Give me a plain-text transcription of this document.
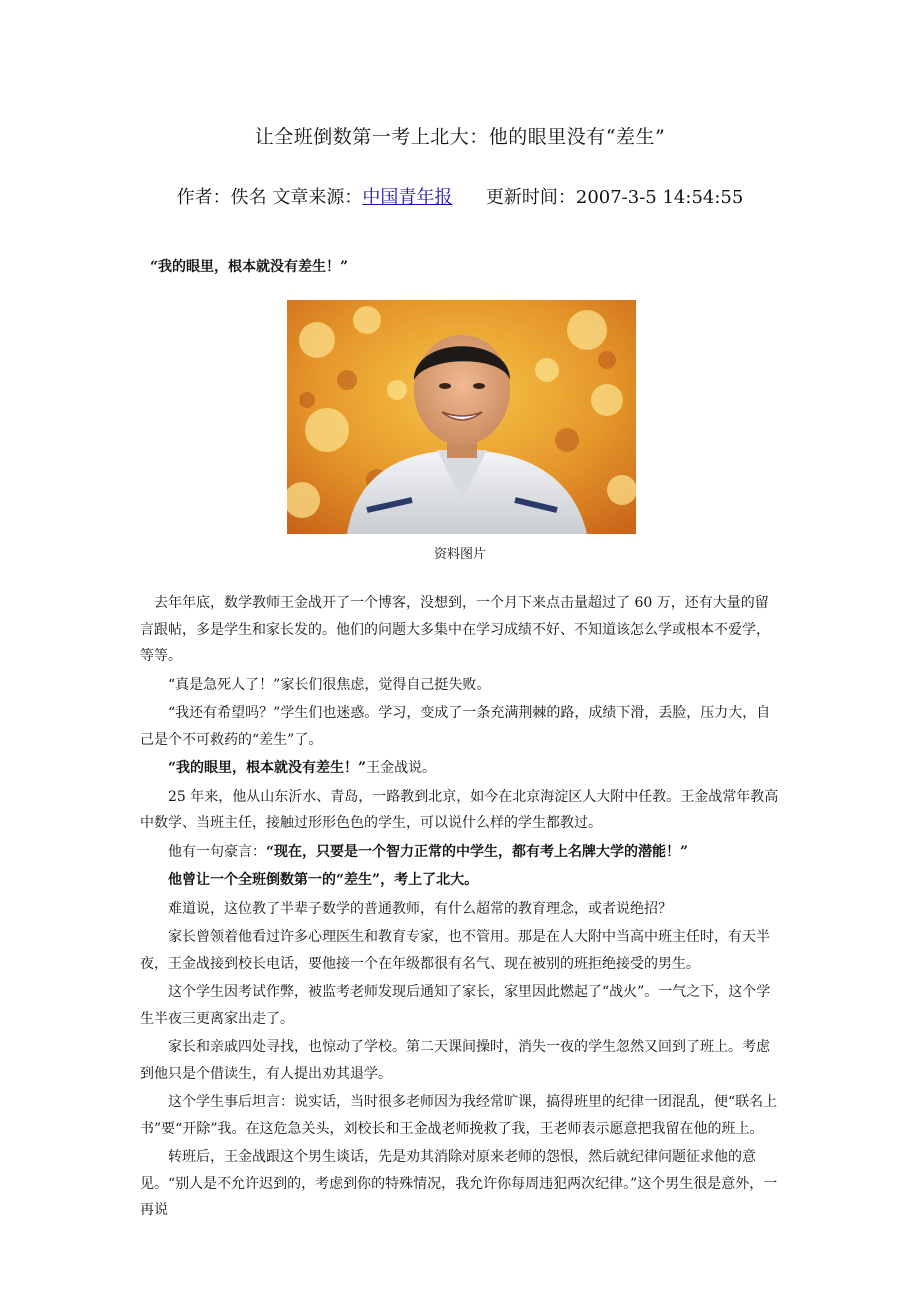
让全班倒数第一考上北大：他的眼里没有“差生”
作者：佚名 文章来源：中国青年报 更新时间：2007-3-5 14:54:55
“我的眼里，根本就没有差生！”
资料图片

去年年底，数学教师王金战开了一个博客，没想到，一个月下来点击量超过了 60 万，还有大量的留言跟帖，多是学生和家长发的。他们的问题大多集中在学习成绩不好、不知道该怎么学或根本不爱学，等等。

“真是急死人了！”家长们很焦虑，觉得自己挺失败。

“我还有希望吗？”学生们也迷惑。学习，变成了一条充满荆棘的路，成绩下滑，丢脸，压力大，自己是个不可救药的“差生”了。

“我的眼里，根本就没有差生！”王金战说。

25 年来，他从山东沂水、青岛，一路教到北京，如今在北京海淀区人大附中任教。王金战常年教高中数学、当班主任，接触过形形色色的学生，可以说什么样的学生都教过。

他有一句豪言：“现在，只要是一个智力正常的中学生，都有考上名牌大学的潜能！”

他曾让一个全班倒数第一的“差生”，考上了北大。

难道说，这位教了半辈子数学的普通教师，有什么超常的教育理念，或者说绝招？

家长曾领着他看过许多心理医生和教育专家，也不管用。那是在人大附中当高中班主任时，有天半夜，王金战接到校长电话，要他接一个在年级都很有名气、现在被别的班拒绝接受的男生。

这个学生因考试作弊，被监考老师发现后通知了家长，家里因此燃起了“战火”。一气之下，这个学生半夜三更离家出走了。

家长和亲戚四处寻找，也惊动了学校。第二天课间操时，消失一夜的学生忽然又回到了班上。考虑到他只是个借读生，有人提出劝其退学。

这个学生事后坦言：说实话，当时很多老师因为我经常旷课，搞得班里的纪律一团混乱，便“联名上书”要“开除”我。在这危急关头，刘校长和王金战老师挽救了我，王老师表示愿意把我留在他的班上。

转班后，王金战跟这个男生谈话，先是劝其消除对原来老师的怨恨，然后就纪律问题征求他的意见。“别人是不允许迟到的，考虑到你的特殊情况，我允许你每周违犯两次纪律。”这个男生很是意外，一再说
